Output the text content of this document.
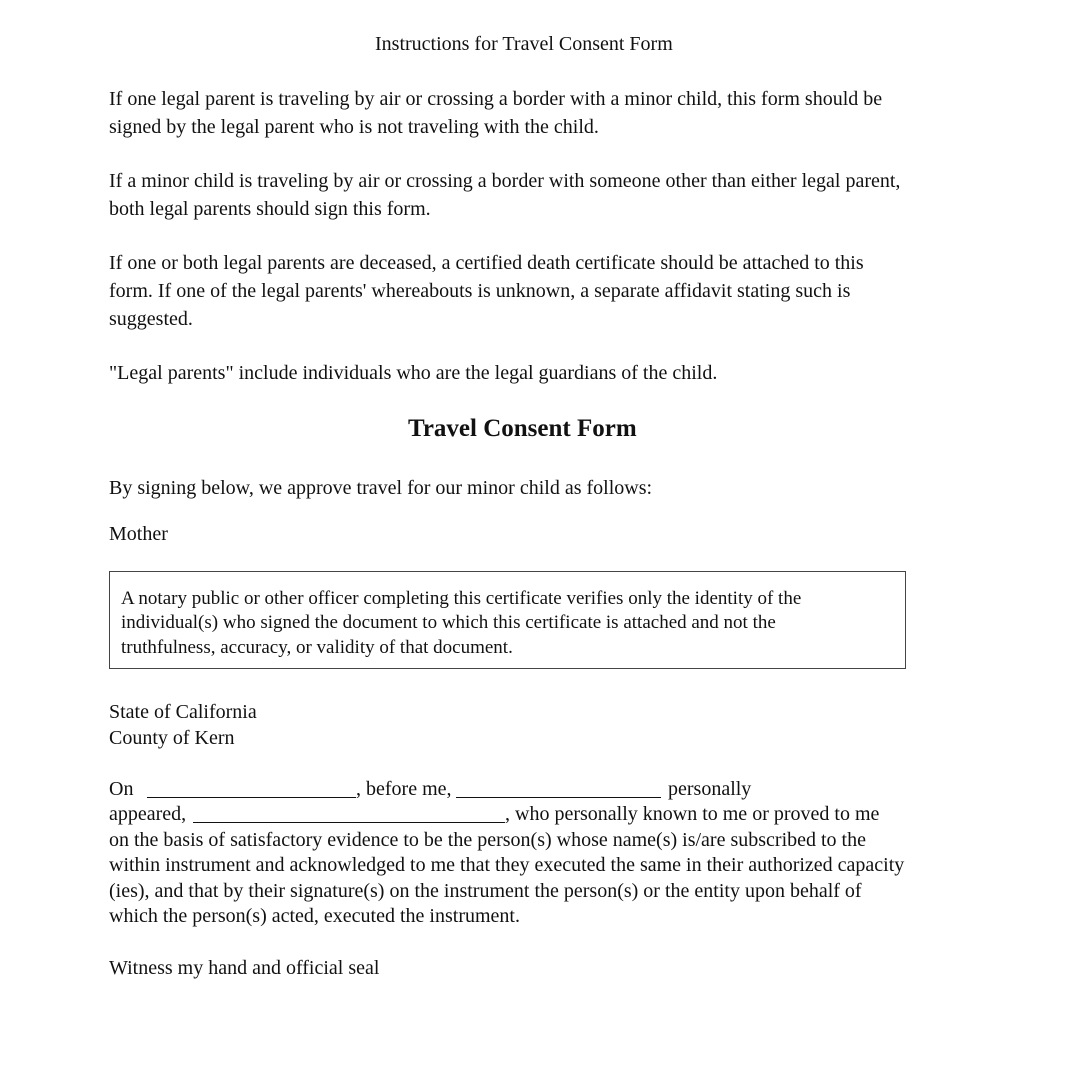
Instructions for Travel Consent Form
If one legal parent is traveling by air or crossing a border with a minor child, this form should be
signed by the legal parent who is not traveling with the child.
If a minor child is traveling by air or crossing a border with someone other than either legal parent,
both legal parents should sign this form.
If one or both legal parents are deceased, a certified death certificate should be attached to this
form. If one of the legal parents' whereabouts is unknown, a separate affidavit stating such is
suggested.
"Legal parents" include individuals who are the legal guardians of the child.
Travel Consent Form
By signing below, we approve travel for our minor child as follows:
Mother
A notary public or other officer completing this certificate verifies only the identity of the
individual(s) who signed the document to which this certificate is attached and not the
truthfulness, accuracy, or validity of that document.
State of California
County of Kern
On	, before me,	personally
appeared,	, who personally known to me or proved to me
on the basis of satisfactory evidence to be the person(s) whose name(s) is/are subscribed to the
within instrument and acknowledged to me that they executed the same in their authorized capacity
(ies), and that by their signature(s) on the instrument the person(s) or the entity upon behalf of
which the person(s) acted, executed the instrument.
Witness my hand and official seal
